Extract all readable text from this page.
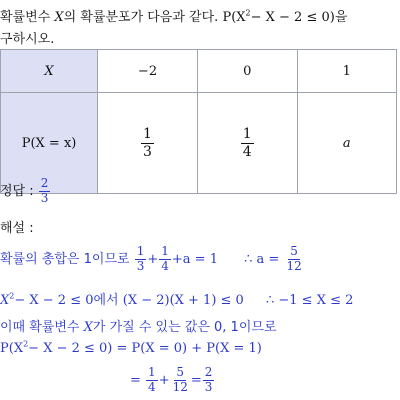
확률변수 X의 확률분포가 다음과 같다. $P(X^2- X - 2 \le 0)$을
구하시오.
X	−2	0	1
P(X = x)	$\frac{1}{3}$	$\frac{1}{4}$	a
정답 : $\frac{2}{3}$
해설 :
확률의 총합은 1이므로 $\frac{1}{3} + \frac{1}{4} +a = 1$ ∴ $a = \frac{5}{12}$
$X^2- X - 2 \le 0$에서 (X − 2)(X + 1) ≤ 0 ∴ −1 ≤ X ≤ 2
이때 확률변수 X가 가질 수 있는 값은 0, 1이므로
$P(X^2- X - 2 \le 0) = P(X = 0) + P(X = 1)$
= $\frac{1}{4} + \frac{5}{12} = \frac{2}{3}$
